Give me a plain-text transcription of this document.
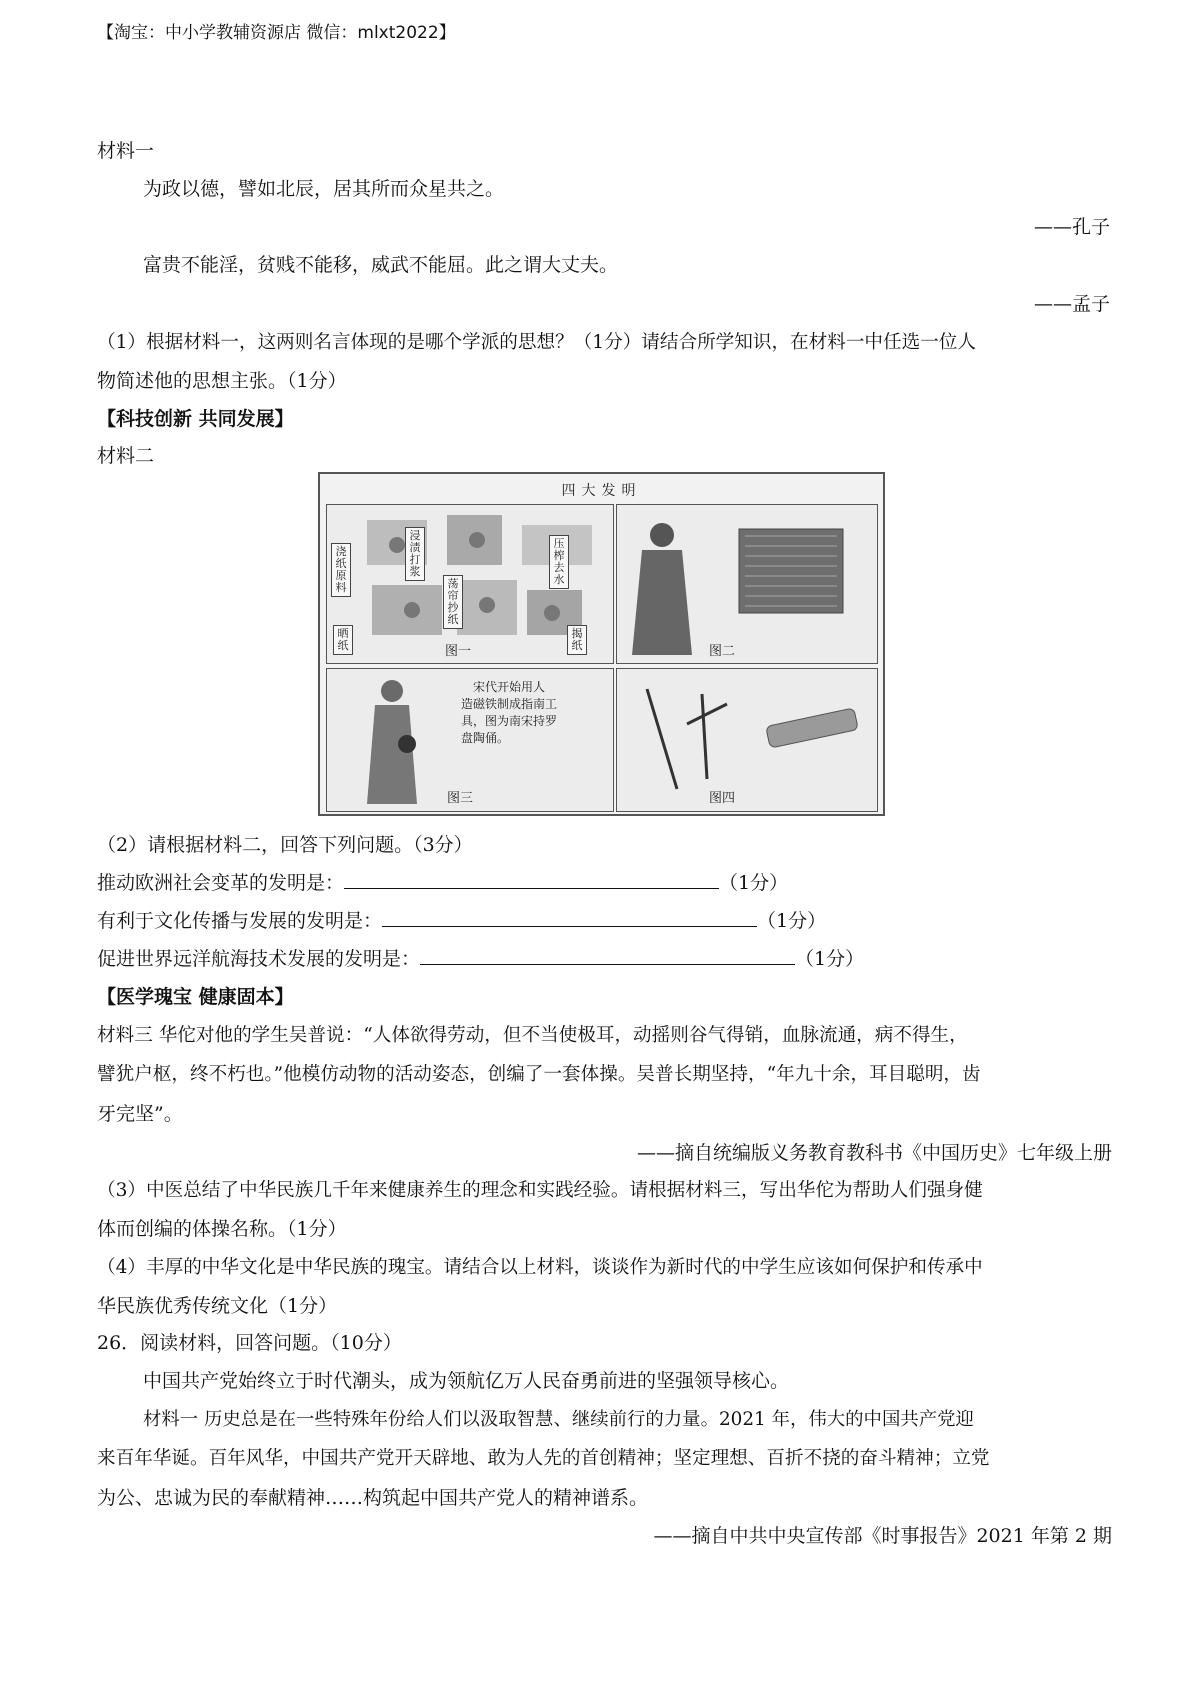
【淘宝：中小学教辅资源店 微信：mlxt2022】
材料一
为政以德，譬如北辰，居其所而众星共之。
——孔子
富贵不能淫，贫贱不能移，威武不能屈。此之谓大丈夫。
——孟子
（1）根据材料一，这两则名言体现的是哪个学派的思想？（1分）请结合所学知识，在材料一中任选一位人
物简述他的思想主张。（1分）
【科技创新 共同发展】
材料二
四大发明
浇纸原料
浸渍打浆
荡帘抄纸
压榨去水
晒纸
揭纸
图一	图二
宋代开始用人
造磁铁制成指南工
具，图为南宋持罗
盘陶俑。
图三	图四
（2）请根据材料二，回答下列问题。（3分）
推动欧洲社会变革的发明是：	（1分）
有利于文化传播与发展的发明是：	（1分）
促进世界远洋航海技术发展的发明是：	（1分）
【医学瑰宝 健康固本】
材料三 华佗对他的学生吴普说：“人体欲得劳动，但不当使极耳，动摇则谷气得销，血脉流通，病不得生，
譬犹户枢，终不朽也。”他模仿动物的活动姿态，创编了一套体操。吴普长期坚持，“年九十余，耳目聪明，齿
牙完坚”。
——摘自统编版义务教育教科书《中国历史》七年级上册
（3）中医总结了中华民族几千年来健康养生的理念和实践经验。请根据材料三，写出华佗为帮助人们强身健
体而创编的体操名称。（1分）
（4）丰厚的中华文化是中华民族的瑰宝。请结合以上材料，谈谈作为新时代的中学生应该如何保护和传承中
华民族优秀传统文化（1分）
26．阅读材料，回答问题。（10分）
中国共产党始终立于时代潮头，成为领航亿万人民奋勇前进的坚强领导核心。
材料一 历史总是在一些特殊年份给人们以汲取智慧、继续前行的力量。2021 年，伟大的中国共产党迎
来百年华诞。百年风华，中国共产党开天辟地、敢为人先的首创精神；坚定理想、百折不挠的奋斗精神；立党
为公、忠诚为民的奉献精神……构筑起中国共产党人的精神谱系。
——摘自中共中央宣传部《时事报告》2021 年第 2 期
